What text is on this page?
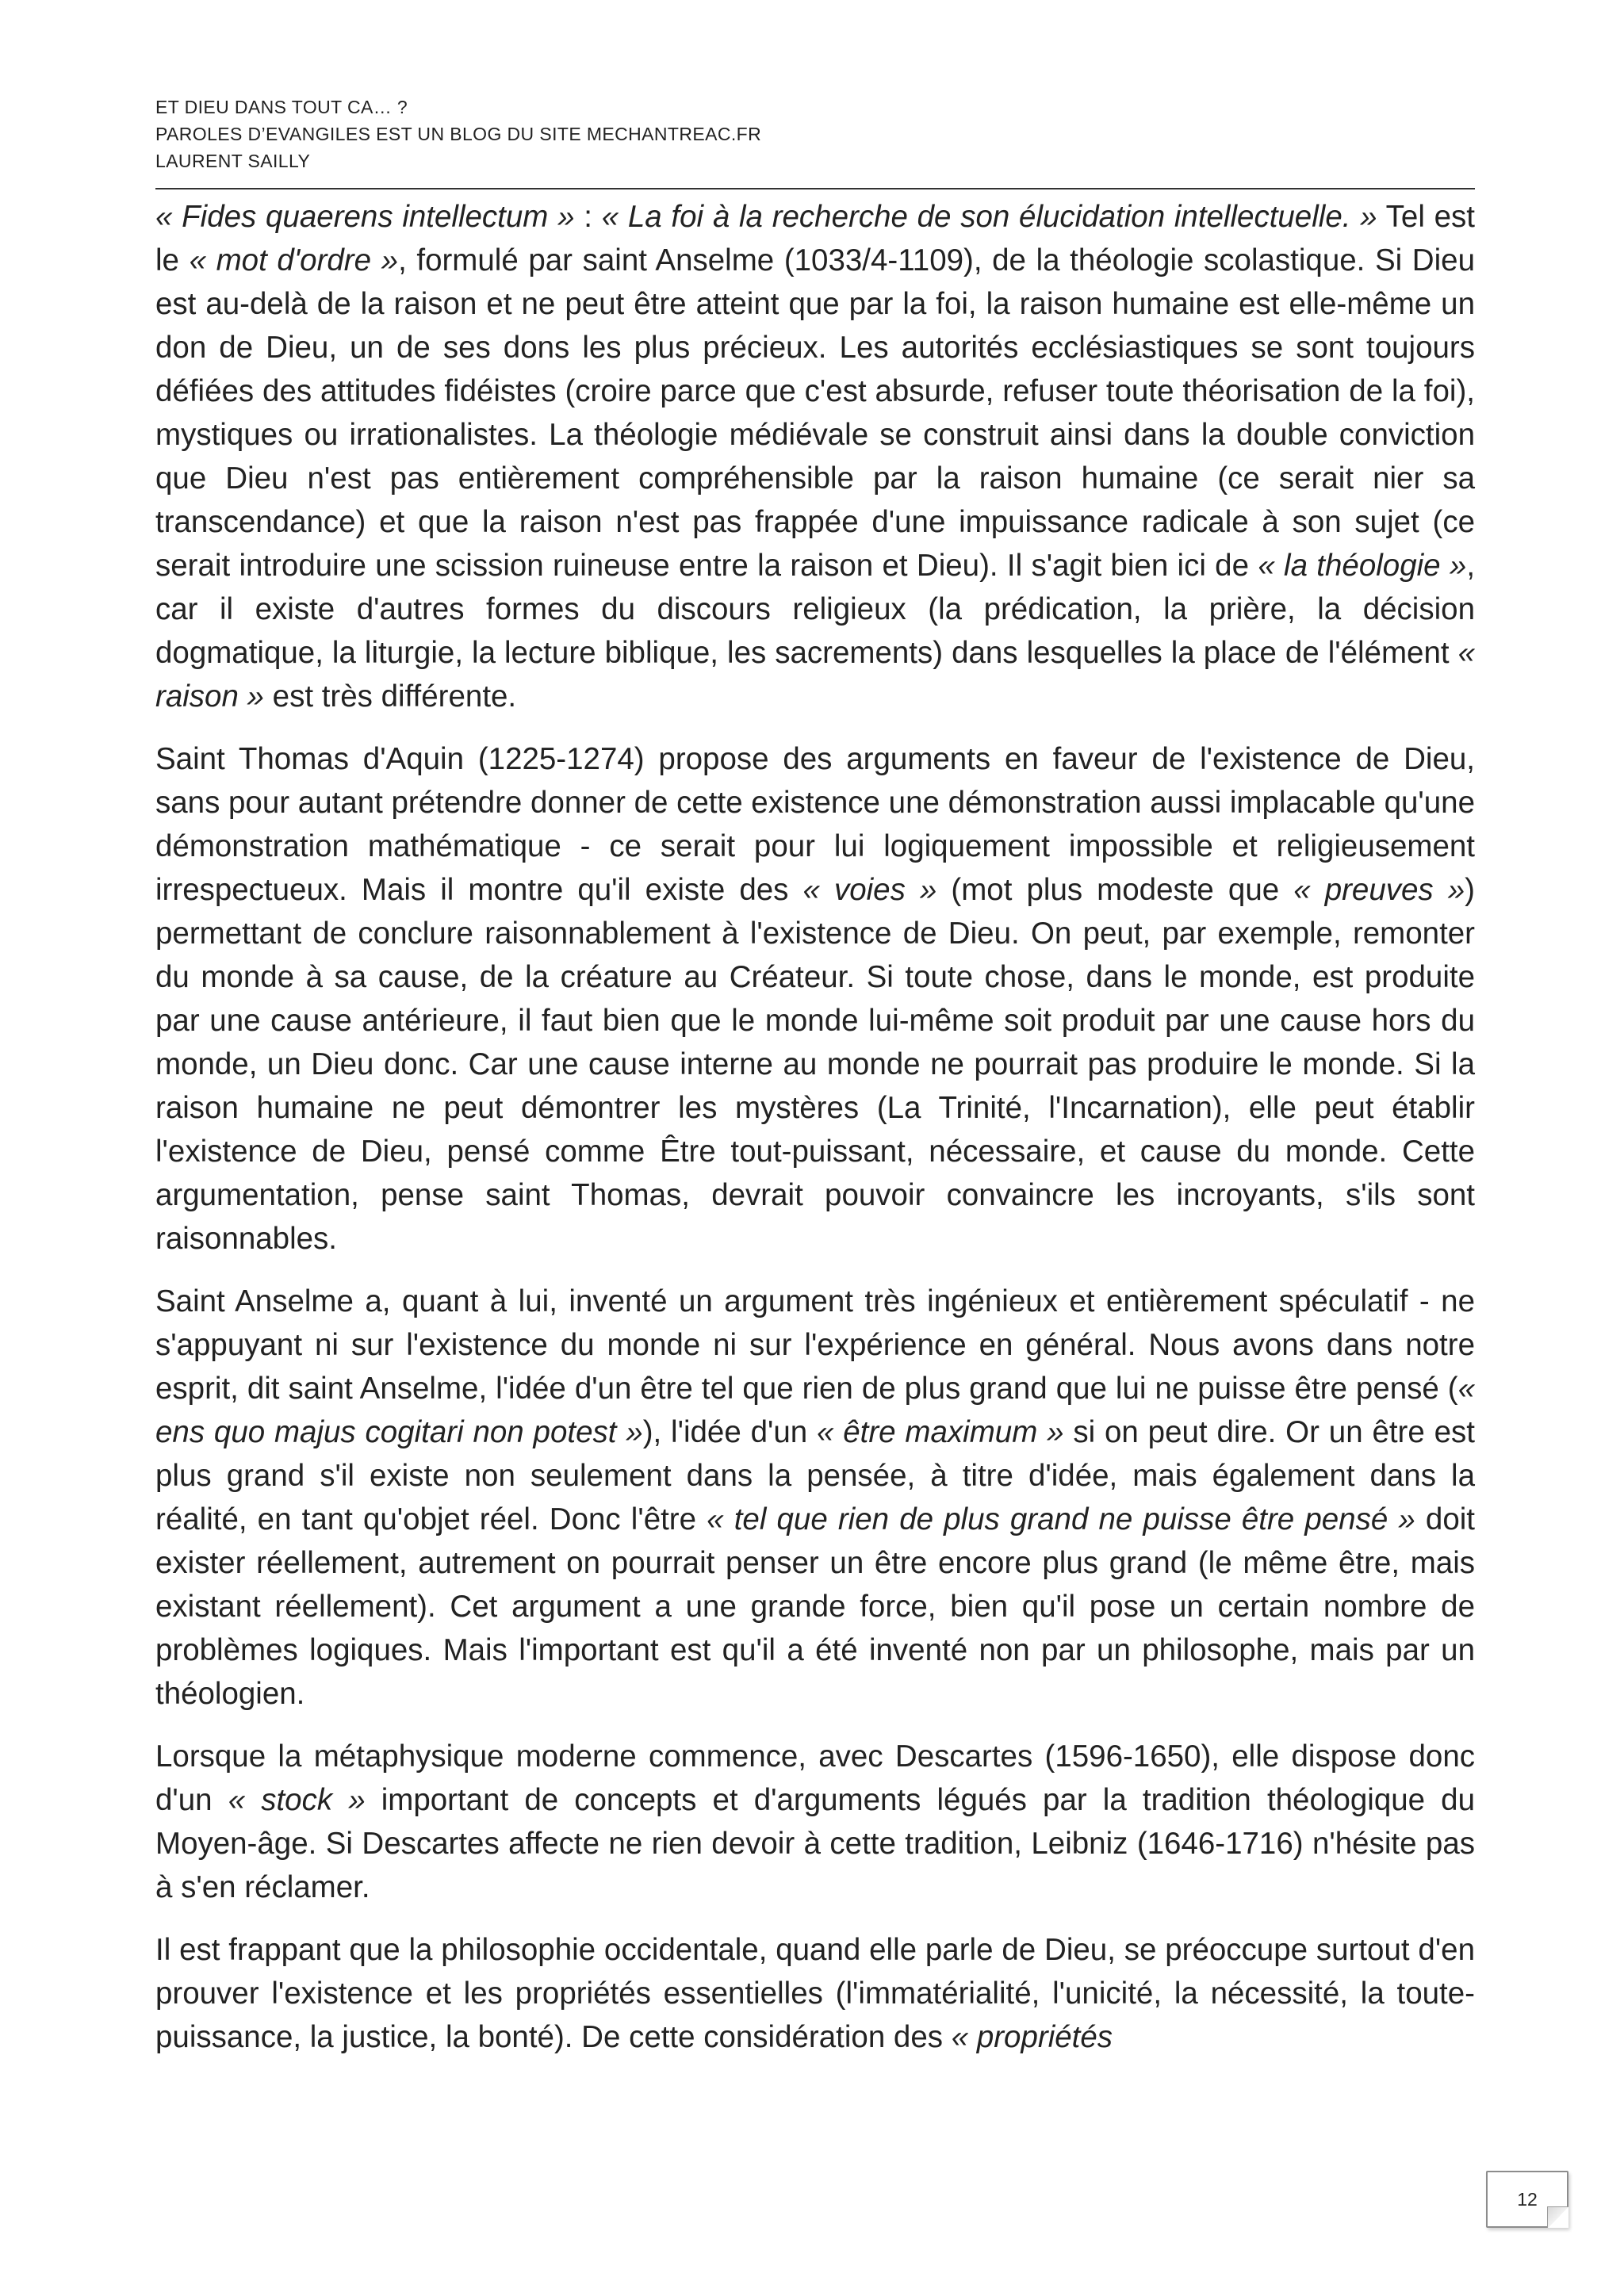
ET DIEU DANS TOUT CA… ?
PAROLES D’EVANGILES EST UN BLOG DU SITE MECHANTREAC.FR
LAURENT SAILLY

« Fides quaerens intellectum » : « La foi à la recherche de son élucidation intellectuelle. » Tel est le « mot d'ordre », formulé par saint Anselme (1033/4-1109), de la théologie scolastique. Si Dieu est au-delà de la raison et ne peut être atteint que par la foi, la raison humaine est elle-même un don de Dieu, un de ses dons les plus précieux. Les autorités ecclésiastiques se sont toujours défiées des attitudes fidéistes (croire parce que c'est absurde, refuser toute théorisation de la foi), mystiques ou irrationalistes. La théologie médiévale se construit ainsi dans la double conviction que Dieu n'est pas entièrement compréhensible par la raison humaine (ce serait nier sa transcendance) et que la raison n'est pas frappée d'une impuissance radicale à son sujet (ce serait introduire une scission ruineuse entre la raison et Dieu). Il s'agit bien ici de « la théologie », car il existe d'autres formes du discours religieux (la prédication, la prière, la décision dogmatique, la liturgie, la lecture biblique, les sacrements) dans lesquelles la place de l'élément « raison » est très différente.

Saint Thomas d'Aquin (1225-1274) propose des arguments en faveur de l'existence de Dieu, sans pour autant prétendre donner de cette existence une démonstration aussi implacable qu'une démonstration mathématique - ce serait pour lui logiquement impossible et religieusement irrespectueux. Mais il montre qu'il existe des « voies » (mot plus modeste que « preuves ») permettant de conclure raisonnablement à l'existence de Dieu. On peut, par exemple, remonter du monde à sa cause, de la créature au Créateur. Si toute chose, dans le monde, est produite par une cause antérieure, il faut bien que le monde lui-même soit produit par une cause hors du monde, un Dieu donc. Car une cause interne au monde ne pourrait pas produire le monde. Si la raison humaine ne peut démontrer les mystères (La Trinité, l'Incarnation), elle peut établir l'existence de Dieu, pensé comme Être tout-puissant, nécessaire, et cause du monde. Cette argumentation, pense saint Thomas, devrait pouvoir convaincre les incroyants, s'ils sont raisonnables.

Saint Anselme a, quant à lui, inventé un argument très ingénieux et entièrement spéculatif - ne s'appuyant ni sur l'existence du monde ni sur l'expérience en général. Nous avons dans notre esprit, dit saint Anselme, l'idée d'un être tel que rien de plus grand que lui ne puisse être pensé (« ens quo majus cogitari non potest »), l'idée d'un « être maximum » si on peut dire. Or un être est plus grand s'il existe non seulement dans la pensée, à titre d'idée, mais également dans la réalité, en tant qu'objet réel. Donc l'être « tel que rien de plus grand ne puisse être pensé » doit exister réellement, autrement on pourrait penser un être encore plus grand (le même être, mais existant réellement). Cet argument a une grande force, bien qu'il pose un certain nombre de problèmes logiques. Mais l'important est qu'il a été inventé non par un philosophe, mais par un théologien.

Lorsque la métaphysique moderne commence, avec Descartes (1596-1650), elle dispose donc d'un « stock » important de concepts et d'arguments légués par la tradition théologique du Moyen-âge. Si Descartes affecte ne rien devoir à cette tradition, Leibniz (1646-1716) n'hésite pas à s'en réclamer.

Il est frappant que la philosophie occidentale, quand elle parle de Dieu, se préoccupe surtout d'en prouver l'existence et les propriétés essentielles (l'immatérialité, l'unicité, la nécessité, la toute-puissance, la justice, la bonté). De cette considération des « propriétés

12
